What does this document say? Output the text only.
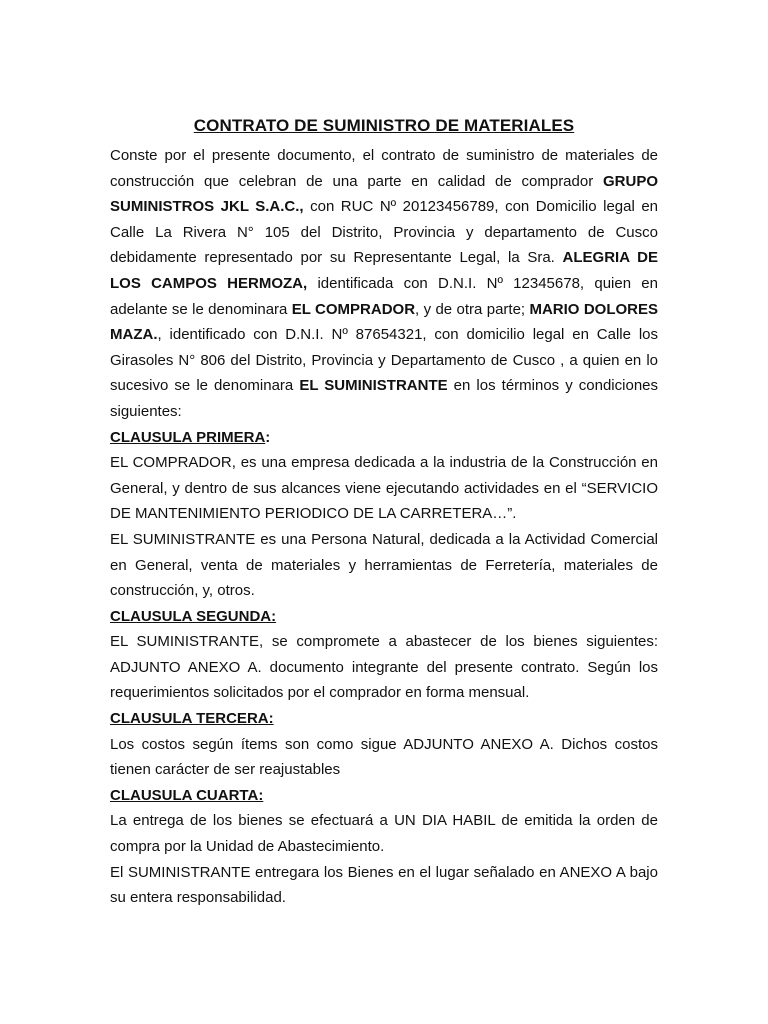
CONTRATO DE SUMINISTRO DE MATERIALES

Conste por el presente documento, el contrato de suministro de materiales de construcción que celebran de una parte en calidad de comprador GRUPO SUMINISTROS JKL S.A.C., con RUC Nº 20123456789, con Domicilio legal en Calle La Rivera N° 105 del Distrito, Provincia y departamento de Cusco debidamente representado por su Representante Legal, la Sra. ALEGRIA DE LOS CAMPOS HERMOZA, identificada con D.N.I. Nº 12345678, quien en adelante se le denominara EL COMPRADOR, y de otra parte; MARIO DOLORES MAZA., identificado con D.N.I. Nº 87654321, con domicilio legal en Calle los Girasoles N° 806 del Distrito, Provincia y Departamento de Cusco , a quien en lo sucesivo se le denominara EL SUMINISTRANTE en los términos y condiciones siguientes:

CLAUSULA PRIMERA:

EL COMPRADOR, es una empresa dedicada a la industria de la Construcción en General, y dentro de sus alcances viene ejecutando actividades en el “SERVICIO DE MANTENIMIENTO PERIODICO DE LA CARRETERA…”.

EL SUMINISTRANTE es una Persona Natural, dedicada a la Actividad Comercial en General, venta de materiales y herramientas de Ferretería, materiales de construcción, y, otros.

CLAUSULA SEGUNDA:

EL SUMINISTRANTE, se compromete a abastecer de los bienes siguientes: ADJUNTO ANEXO A. documento integrante del presente contrato. Según los requerimientos solicitados por el comprador en forma mensual.

CLAUSULA TERCERA:

Los costos según ítems son como sigue ADJUNTO ANEXO A. Dichos costos tienen carácter de ser reajustables

CLAUSULA CUARTA:

La entrega de los bienes se efectuará a UN DIA HABIL de emitida la orden de compra por la Unidad de Abastecimiento.

El SUMINISTRANTE entregara los Bienes en el lugar señalado en ANEXO A bajo su entera responsabilidad.
